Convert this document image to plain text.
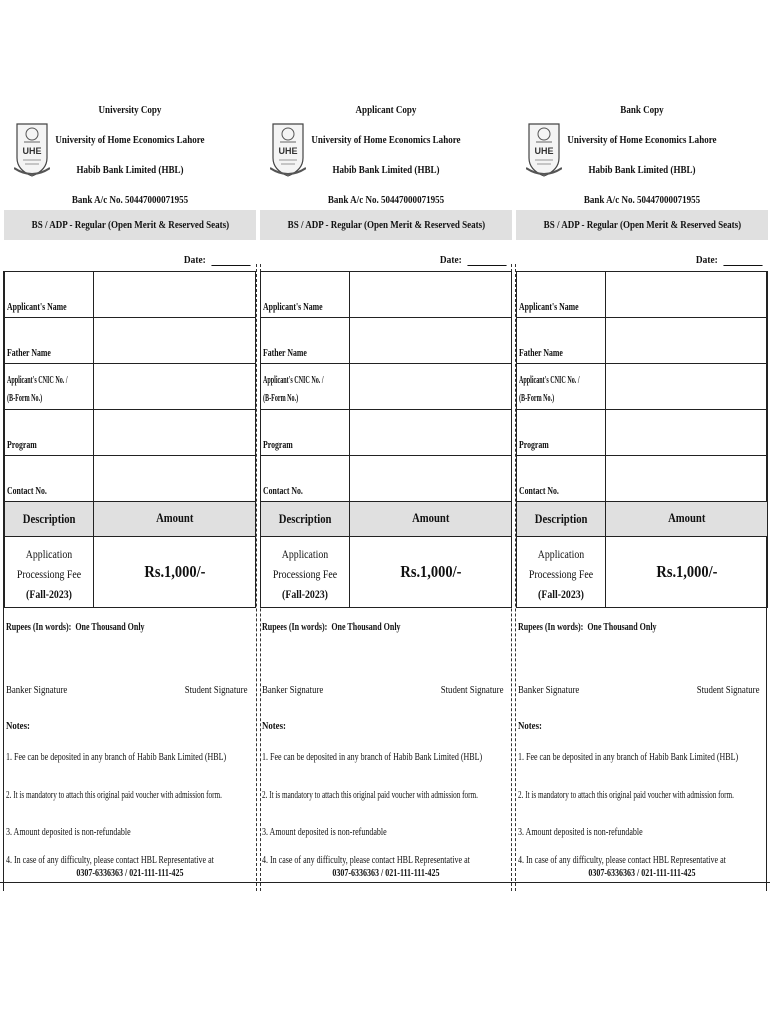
University Copy
UHE
University of Home Economics Lahore
Habib Bank Limited (HBL)
Bank A/c No. 50447000071955
BS / ADP - Regular (Open Merit & Reserved Seats)
Date:
Applicant's Name
Father Name
Applicant's CNIC No. /
(B-Form No.)
Program
Contact No.
Description	Amount
Application
Processiong Fee
(Fall-2023)
Rs.1,000/-
Rupees (In words): One Thousand Only
Banker Signature	Student Signature
Notes:
1. Fee can be deposited in any branch of Habib Bank Limited (HBL)
2. It is mandatory to attach this original paid voucher with admission form.
3. Amount deposited is non-refundable
4. In case of any difficulty, please contact HBL Representative at
0307-6336363 / 021-111-111-425
Applicant Copy
UHE
University of Home Economics Lahore
Habib Bank Limited (HBL)
Bank A/c No. 50447000071955
BS / ADP - Regular (Open Merit & Reserved Seats)
Date:
Applicant's Name
Father Name
Applicant's CNIC No. /
(B-Form No.)
Program
Contact No.
Description	Amount
Application
Processiong Fee
(Fall-2023)
Rs.1,000/-
Rupees (In words): One Thousand Only
Banker Signature	Student Signature
Notes:
1. Fee can be deposited in any branch of Habib Bank Limited (HBL)
2. It is mandatory to attach this original paid voucher with admission form.
3. Amount deposited is non-refundable
4. In case of any difficulty, please contact HBL Representative at
0307-6336363 / 021-111-111-425
Bank Copy
UHE
University of Home Economics Lahore
Habib Bank Limited (HBL)
Bank A/c No. 50447000071955
BS / ADP - Regular (Open Merit & Reserved Seats)
Date:
Applicant's Name
Father Name
Applicant's CNIC No. /
(B-Form No.)
Program
Contact No.
Description	Amount
Application
Processiong Fee
(Fall-2023)
Rs.1,000/-
Rupees (In words): One Thousand Only
Banker Signature	Student Signature
Notes:
1. Fee can be deposited in any branch of Habib Bank Limited (HBL)
2. It is mandatory to attach this original paid voucher with admission form.
3. Amount deposited is non-refundable
4. In case of any difficulty, please contact HBL Representative at
0307-6336363 / 021-111-111-425
